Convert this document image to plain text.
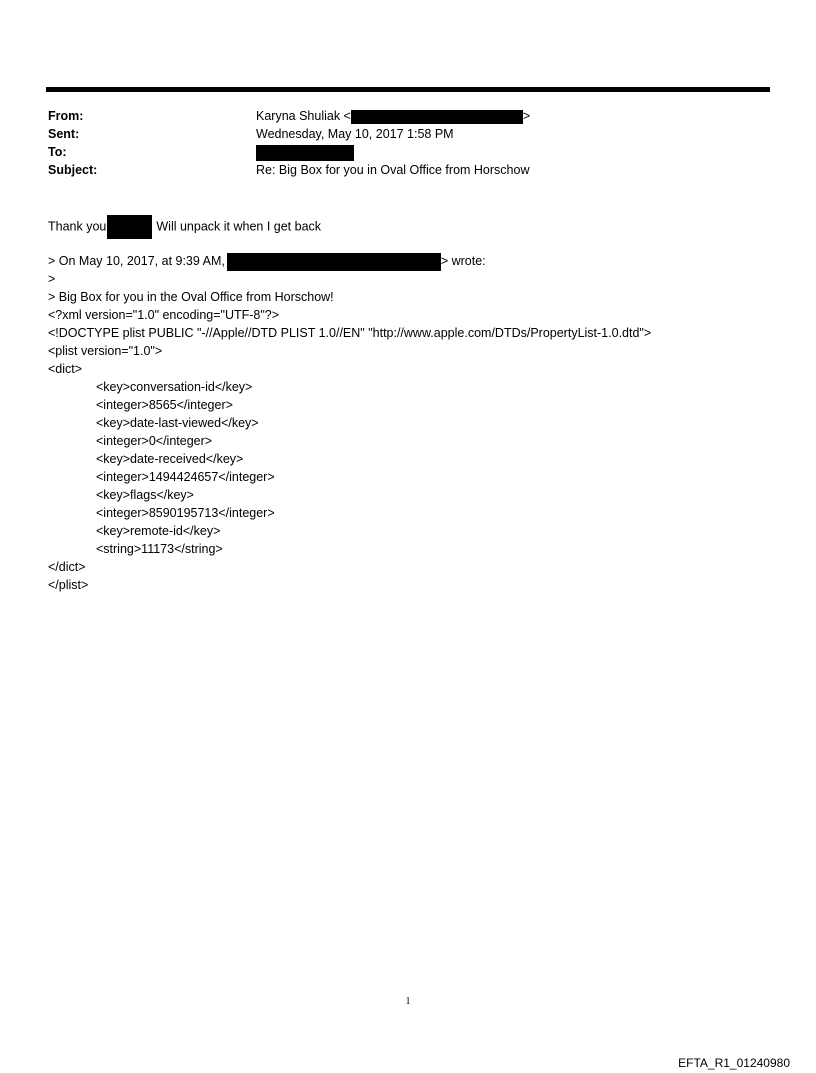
From:	Karyna Shuliak <	>
Sent:	Wednesday, May 10, 2017 1:58 PM
To:
Subject:	Re: Big Box for you in Oval Office from Horschow
Thank you	Will unpack it when I get back
> On May 10, 2017, at 9:39 AM,	> wrote:
>
> Big Box for you in the Oval Office from Horschow!
<?xml version="1.0" encoding="UTF-8"?>
<!DOCTYPE plist PUBLIC "-//Apple//DTD PLIST 1.0//EN" "http://www.apple.com/DTDs/PropertyList-1.0.dtd">
<plist version="1.0">
<dict>
<key>conversation-id</key>
<integer>8565</integer>
<key>date-last-viewed</key>
<integer>0</integer>
<key>date-received</key>
<integer>1494424657</integer>
<key>flags</key>
<integer>8590195713</integer>
<key>remote-id</key>
<string>11173</string>
</dict>
</plist>
1
EFTA_R1_01240980
